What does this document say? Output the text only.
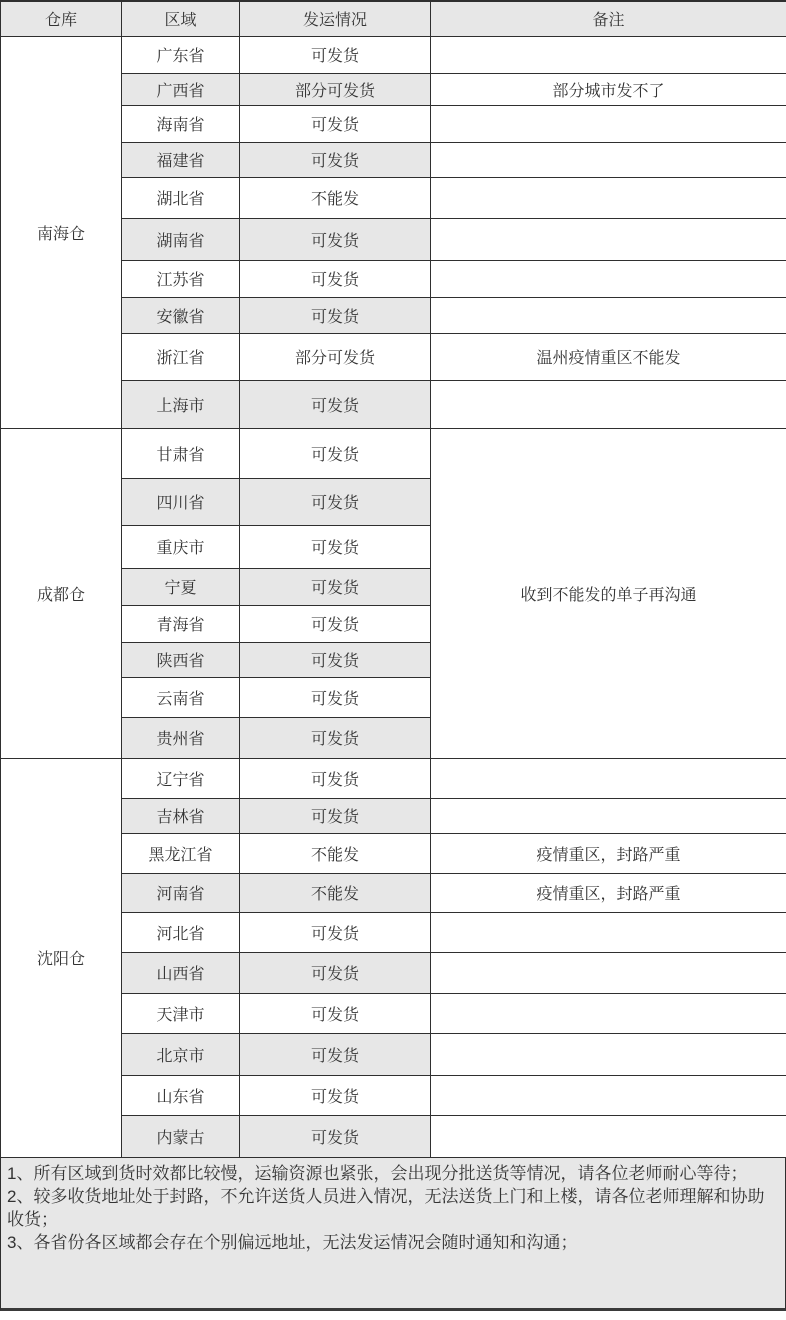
仓库	区域	发运情况	备注
南海仓	广东省	可发货	
	广西省	部分可发货	部分城市发不了
	海南省	可发货	
	福建省	可发货	
	湖北省	不能发	
	湖南省	可发货	
	江苏省	可发货	
	安徽省	可发货	
	浙江省	部分可发货	温州疫情重区不能发
	上海市	可发货	
成都仓	甘肃省	可发货	收到不能发的单子再沟通
	四川省	可发货	
	重庆市	可发货	
	宁夏	可发货	
	青海省	可发货	
	陕西省	可发货	
	云南省	可发货	
	贵州省	可发货	
沈阳仓	辽宁省	可发货	
	吉林省	可发货	
	黑龙江省	不能发	疫情重区，封路严重
	河南省	不能发	疫情重区，封路严重
	河北省	可发货	
	山西省	可发货	
	天津市	可发货	
	北京市	可发货	
	山东省	可发货	
	内蒙古	可发货	

1、所有区域到货时效都比较慢，运输资源也紧张，会出现分批送货等情况，请各位老师耐心等待；

2、较多收货地址处于封路，不允许送货人员进入情况，无法送货上门和上楼，请各位老师理解和协助收货；

3、各省份各区域都会存在个别偏远地址，无法发运情况会随时通知和沟通；
